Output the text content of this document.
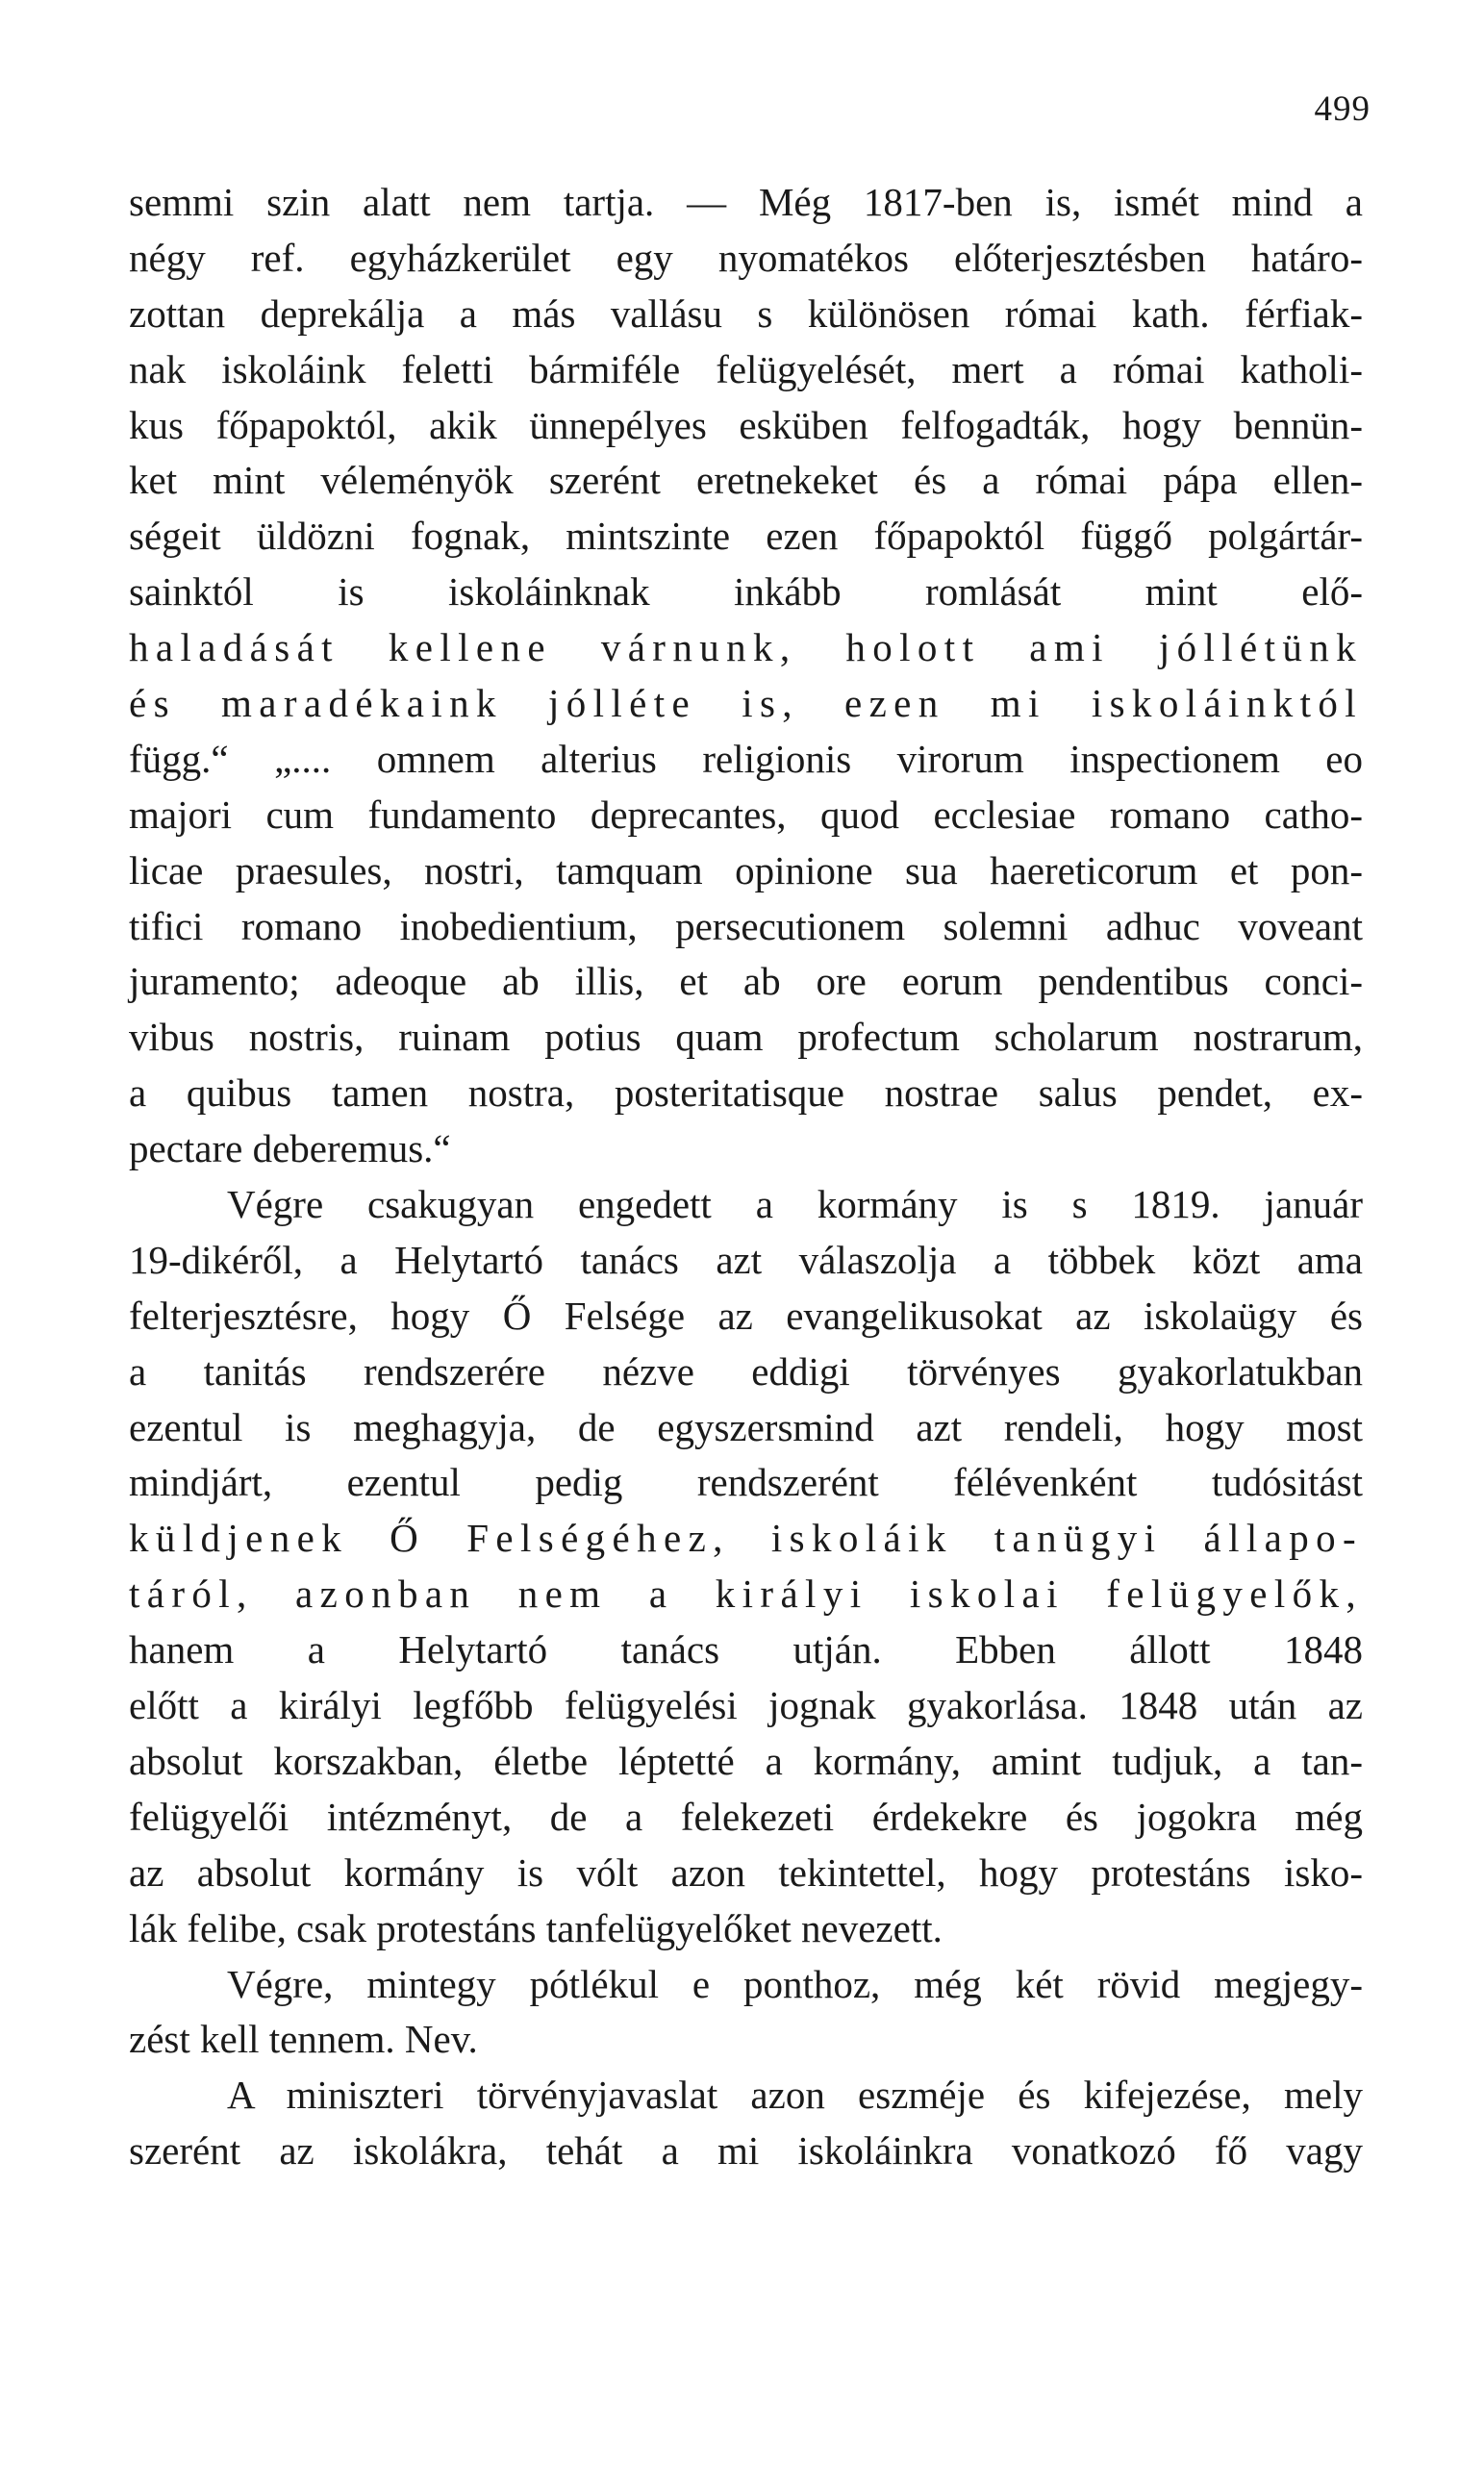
499
semmi szin alatt nem tartja. — Még 1817-ben is, ismét mind a
négy ref. egyházkerület egy nyomatékos előterjesztésben határo-
zottan deprekálja a más vallásu s különösen római kath. férfiak-
nak iskoláink feletti bármiféle felügyelését, mert a római katholi-
kus főpapoktól, akik ünnepélyes esküben felfogadták, hogy bennün-
ket mint véleményök szerént eretnekeket és a római pápa ellen-
ségeit üldözni fognak, mintszinte ezen főpapoktól függő polgártár-
sainktól is iskoláinknak inkább romlását mint elő-
haladását kellene várnunk, holott ami jóllétünk
és maradékaink jólléte is, ezen mi iskoláinktól
függ.“ „.... omnem alterius religionis virorum inspectionem eo
majori cum fundamento deprecantes, quod ecclesiae romano catho-
licae praesules, nostri, tamquam opinione sua haereticorum et pon-
tifici romano inobedientium, persecutionem solemni adhuc voveant
juramento; adeoque ab illis, et ab ore eorum pendentibus conci-
vibus nostris, ruinam potius quam profectum scholarum nostrarum,
a quibus tamen nostra, posteritatisque nostrae salus pendet, ex-
pectare deberemus.“
Végre csakugyan engedett a kormány is s 1819. január
19-dikéről, a Helytartó tanács azt válaszolja a többek közt ama
felterjesztésre, hogy Ő Felsége az evangelikusokat az iskolaügy és
a tanitás rendszerére nézve eddigi törvényes gyakorlatukban
ezentul is meghagyja, de egyszersmind azt rendeli, hogy most
mindjárt, ezentul pedig rendszerént félévenként tudósitást
küldjenek Ő Felségéhez, iskoláik tanügyi állapo-
táról, azonban nem a királyi iskolai felügyelők,
hanem a Helytartó tanács utján. Ebben állott 1848
előtt a királyi legfőbb felügyelési jognak gyakorlása. 1848 után az
absolut korszakban, életbe léptetté a kormány, amint tudjuk, a tan-
felügyelői intézményt, de a felekezeti érdekekre és jogokra még
az absolut kormány is vólt azon tekintettel, hogy protestáns isko-
lák felibe, csak protestáns tanfelügyelőket nevezett.
Végre, mintegy pótlékul e ponthoz, még két rövid megjegy-
zést kell tennem. Nev.
A miniszteri törvényjavaslat azon eszméje és kifejezése, mely
szerént az iskolákra, tehát a mi iskoláinkra vonatkozó fő vagy
